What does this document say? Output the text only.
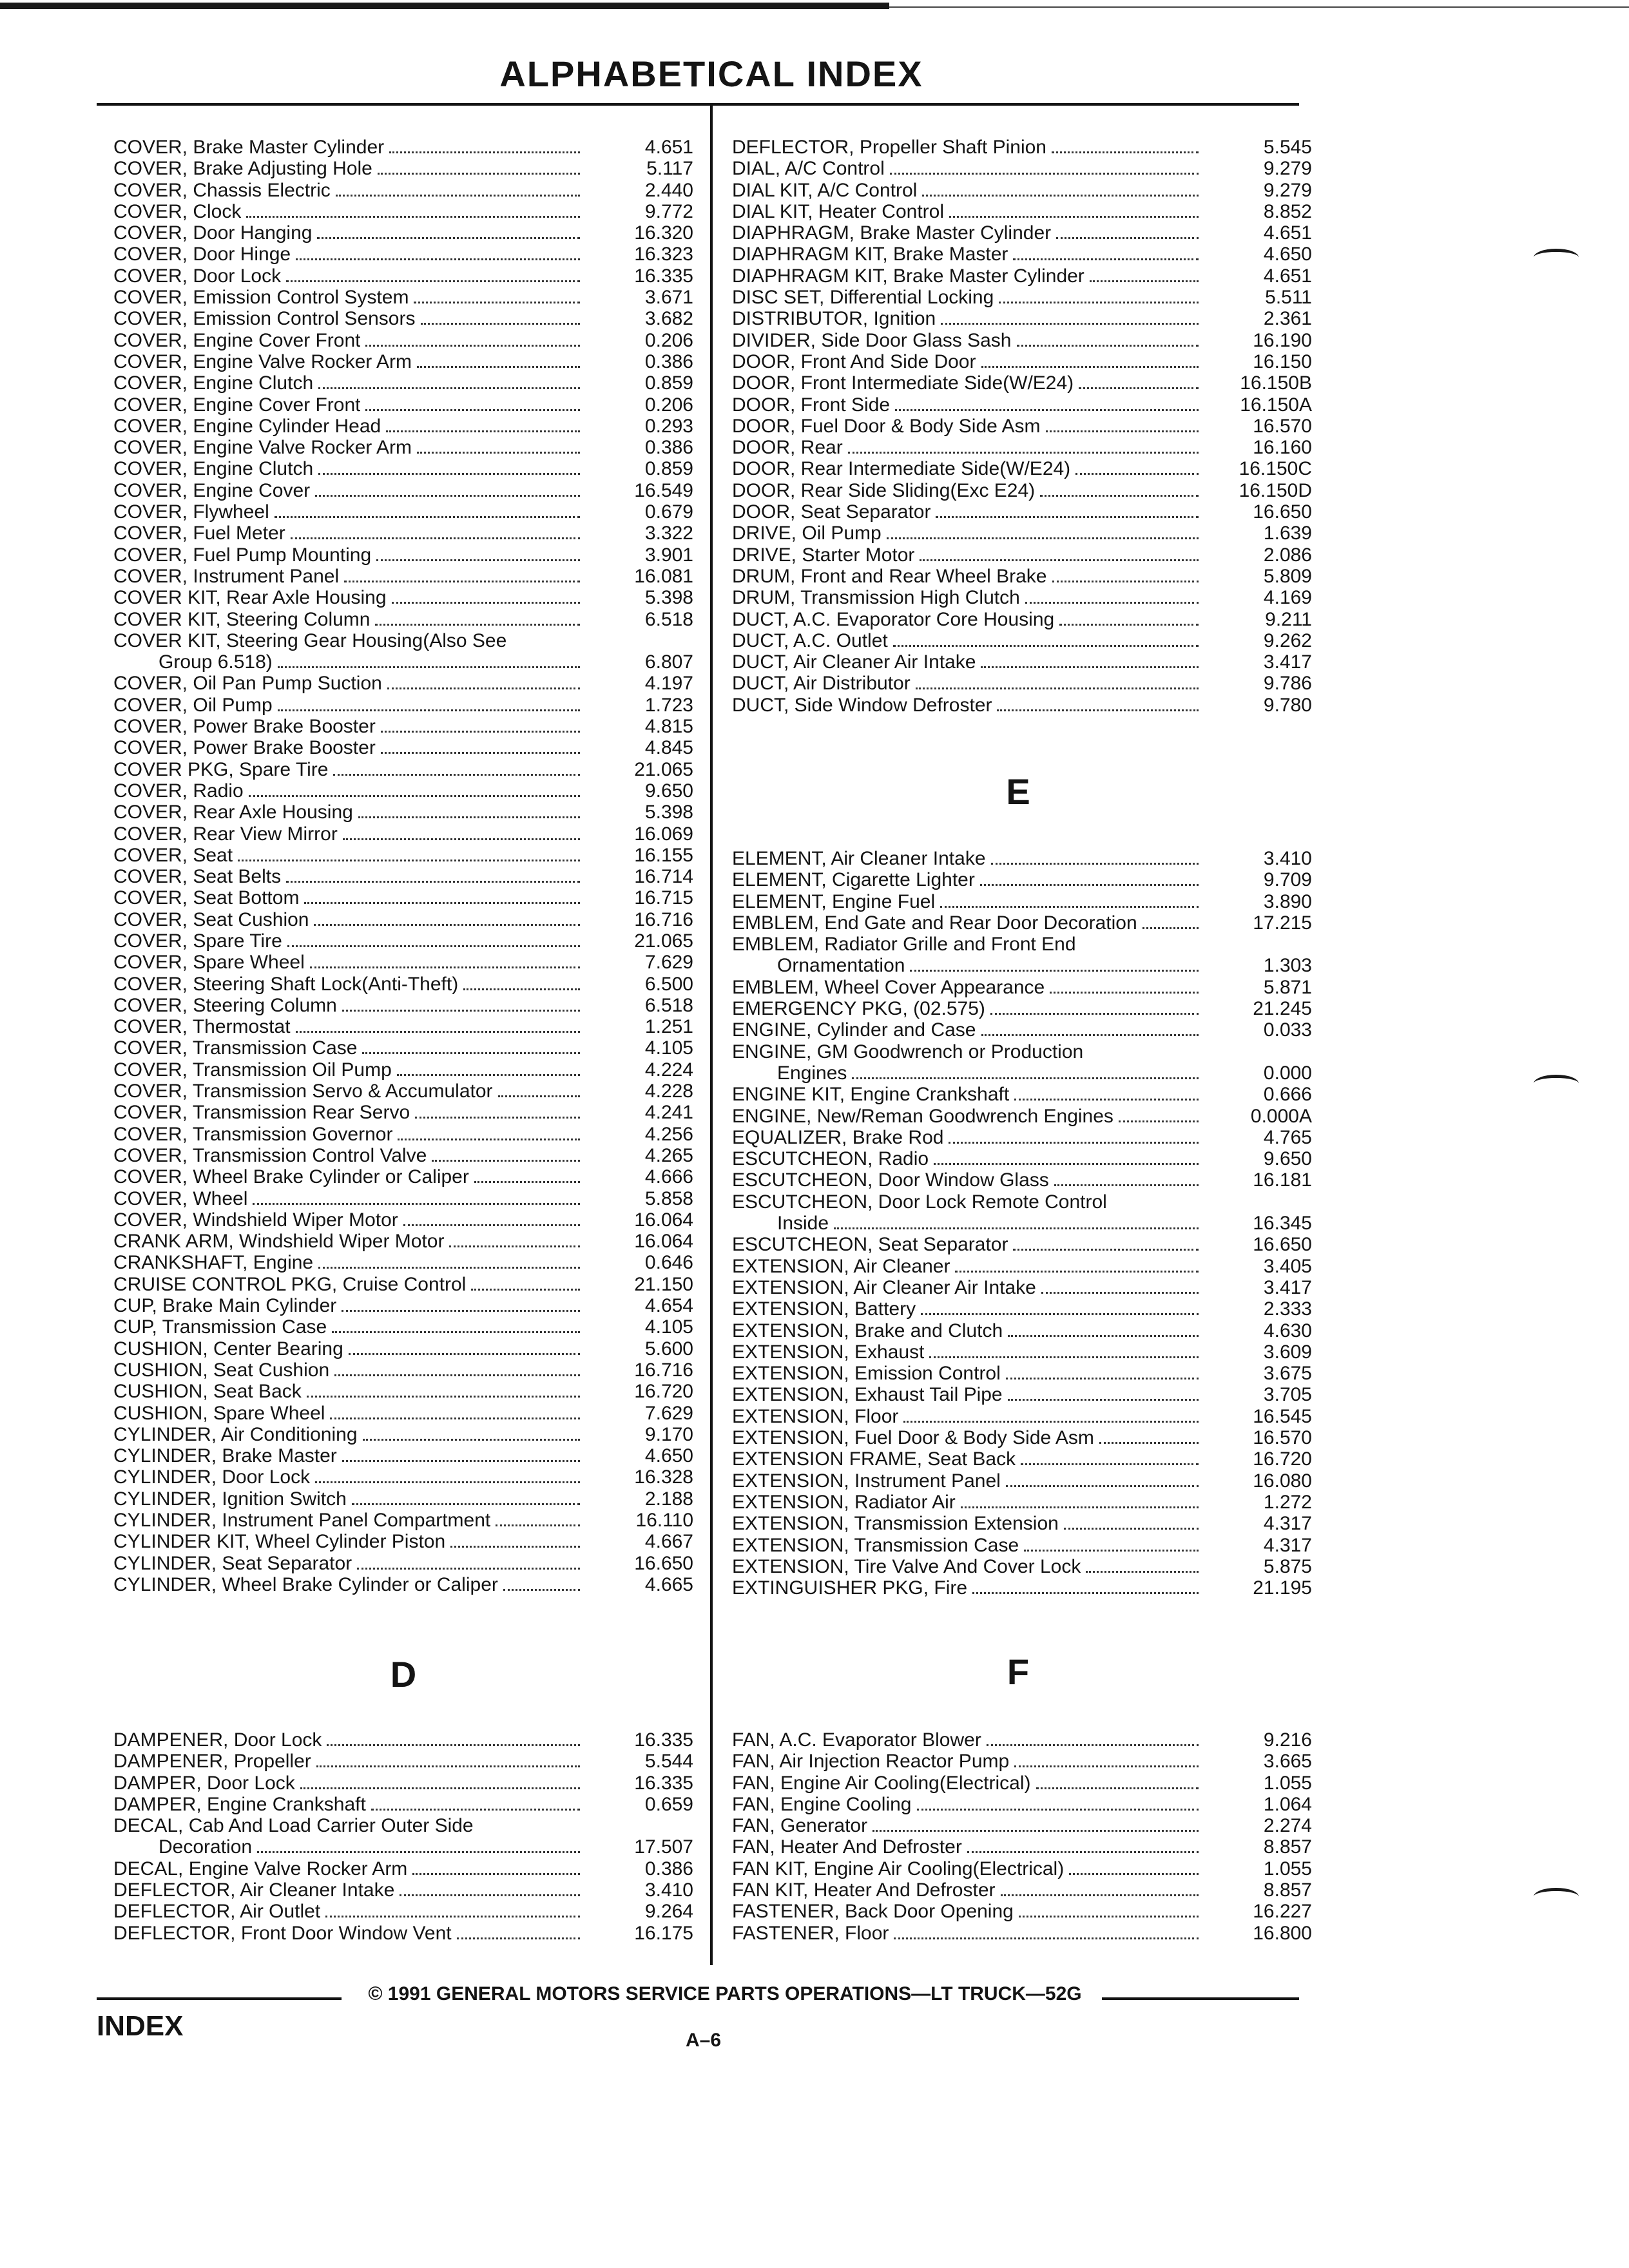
ALPHABETICAL INDEX
COVER, Brake Master Cylinder	4.651
COVER, Brake Adjusting Hole	5.117
COVER, Chassis Electric	2.440
COVER, Clock	9.772
COVER, Door Hanging	16.320
COVER, Door Hinge	16.323
COVER, Door Lock	16.335
COVER, Emission Control System	3.671
COVER, Emission Control Sensors	3.682
COVER, Engine Cover Front	0.206
COVER, Engine Valve Rocker Arm	0.386
COVER, Engine Clutch	0.859
COVER, Engine Cover Front	0.206
COVER, Engine Cylinder Head	0.293
COVER, Engine Valve Rocker Arm	0.386
COVER, Engine Clutch	0.859
COVER, Engine Cover	16.549
COVER, Flywheel	0.679
COVER, Fuel Meter	3.322
COVER, Fuel Pump Mounting	3.901
COVER, Instrument Panel	16.081
COVER KIT, Rear Axle Housing	5.398
COVER KIT, Steering Column	6.518
COVER KIT, Steering Gear Housing(Also See
Group 6.518)	6.807
COVER, Oil Pan Pump Suction	4.197
COVER, Oil Pump	1.723
COVER, Power Brake Booster	4.815
COVER, Power Brake Booster	4.845
COVER PKG, Spare Tire	21.065
COVER, Radio	9.650
COVER, Rear Axle Housing	5.398
COVER, Rear View Mirror	16.069
COVER, Seat	16.155
COVER, Seat Belts	16.714
COVER, Seat Bottom	16.715
COVER, Seat Cushion	16.716
COVER, Spare Tire	21.065
COVER, Spare Wheel	7.629
COVER, Steering Shaft Lock(Anti-Theft)	6.500
COVER, Steering Column	6.518
COVER, Thermostat	1.251
COVER, Transmission Case	4.105
COVER, Transmission Oil Pump	4.224
COVER, Transmission Servo & Accumulator	4.228
COVER, Transmission Rear Servo	4.241
COVER, Transmission Governor	4.256
COVER, Transmission Control Valve	4.265
COVER, Wheel Brake Cylinder or Caliper	4.666
COVER, Wheel	5.858
COVER, Windshield Wiper Motor	16.064
CRANK ARM, Windshield Wiper Motor	16.064
CRANKSHAFT, Engine	0.646
CRUISE CONTROL PKG, Cruise Control	21.150
CUP, Brake Main Cylinder	4.654
CUP, Transmission Case	4.105
CUSHION, Center Bearing	5.600
CUSHION, Seat Cushion	16.716
CUSHION, Seat Back	16.720
CUSHION, Spare Wheel	7.629
CYLINDER, Air Conditioning	9.170
CYLINDER, Brake Master	4.650
CYLINDER, Door Lock	16.328
CYLINDER, Ignition Switch	2.188
CYLINDER, Instrument Panel Compartment	16.110
CYLINDER KIT, Wheel Cylinder Piston	4.667
CYLINDER, Seat Separator	16.650
CYLINDER, Wheel Brake Cylinder or Caliper	4.665
D
DAMPENER, Door Lock	16.335
DAMPENER, Propeller	5.544
DAMPER, Door Lock	16.335
DAMPER, Engine Crankshaft	0.659
DECAL, Cab And Load Carrier Outer Side
Decoration	17.507
DECAL, Engine Valve Rocker Arm	0.386
DEFLECTOR, Air Cleaner Intake	3.410
DEFLECTOR, Air Outlet	9.264
DEFLECTOR, Front Door Window Vent	16.175
DEFLECTOR, Propeller Shaft Pinion	5.545
DIAL, A/C Control	9.279
DIAL KIT, A/C Control	9.279
DIAL KIT, Heater Control	8.852
DIAPHRAGM, Brake Master Cylinder	4.651
DIAPHRAGM KIT, Brake Master	4.650
DIAPHRAGM KIT, Brake Master Cylinder	4.651
DISC SET, Differential Locking	5.511
DISTRIBUTOR, Ignition	2.361
DIVIDER, Side Door Glass Sash	16.190
DOOR, Front And Side Door	16.150
DOOR, Front Intermediate Side(W/E24)	16.150B
DOOR, Front Side	16.150A
DOOR, Fuel Door & Body Side Asm	16.570
DOOR, Rear	16.160
DOOR, Rear Intermediate Side(W/E24)	16.150C
DOOR, Rear Side Sliding(Exc E24)	16.150D
DOOR, Seat Separator	16.650
DRIVE, Oil Pump	1.639
DRIVE, Starter Motor	2.086
DRUM, Front and Rear Wheel Brake	5.809
DRUM, Transmission High Clutch	4.169
DUCT, A.C. Evaporator Core Housing	9.211
DUCT, A.C. Outlet	9.262
DUCT, Air Cleaner Air Intake	3.417
DUCT, Air Distributor	9.786
DUCT, Side Window Defroster	9.780
E
ELEMENT, Air Cleaner Intake	3.410
ELEMENT, Cigarette Lighter	9.709
ELEMENT, Engine Fuel	3.890
EMBLEM, End Gate and Rear Door Decoration	17.215
EMBLEM, Radiator Grille and Front End
Ornamentation	1.303
EMBLEM, Wheel Cover Appearance	5.871
EMERGENCY PKG, (02.575)	21.245
ENGINE, Cylinder and Case	0.033
ENGINE, GM Goodwrench or Production
Engines	0.000
ENGINE KIT, Engine Crankshaft	0.666
ENGINE, New/Reman Goodwrench Engines	0.000A
EQUALIZER, Brake Rod	4.765
ESCUTCHEON, Radio	9.650
ESCUTCHEON, Door Window Glass	16.181
ESCUTCHEON, Door Lock Remote Control
Inside	16.345
ESCUTCHEON, Seat Separator	16.650
EXTENSION, Air Cleaner	3.405
EXTENSION, Air Cleaner Air Intake	3.417
EXTENSION, Battery	2.333
EXTENSION, Brake and Clutch	4.630
EXTENSION, Exhaust	3.609
EXTENSION, Emission Control	3.675
EXTENSION, Exhaust Tail Pipe	3.705
EXTENSION, Floor	16.545
EXTENSION, Fuel Door & Body Side Asm	16.570
EXTENSION FRAME, Seat Back	16.720
EXTENSION, Instrument Panel	16.080
EXTENSION, Radiator Air	1.272
EXTENSION, Transmission Extension	4.317
EXTENSION, Transmission Case	4.317
EXTENSION, Tire Valve And Cover Lock	5.875
EXTINGUISHER PKG, Fire	21.195
F
FAN, A.C. Evaporator Blower	9.216
FAN, Air Injection Reactor Pump	3.665
FAN, Engine Air Cooling(Electrical)	1.055
FAN, Engine Cooling	1.064
FAN, Generator	2.274
FAN, Heater And Defroster	8.857
FAN KIT, Engine Air Cooling(Electrical)	1.055
FAN KIT, Heater And Defroster	8.857
FASTENER, Back Door Opening	16.227
FASTENER, Floor	16.800
© 1991 GENERAL MOTORS SERVICE PARTS OPERATIONS—LT TRUCK—52G
INDEX	A–6
